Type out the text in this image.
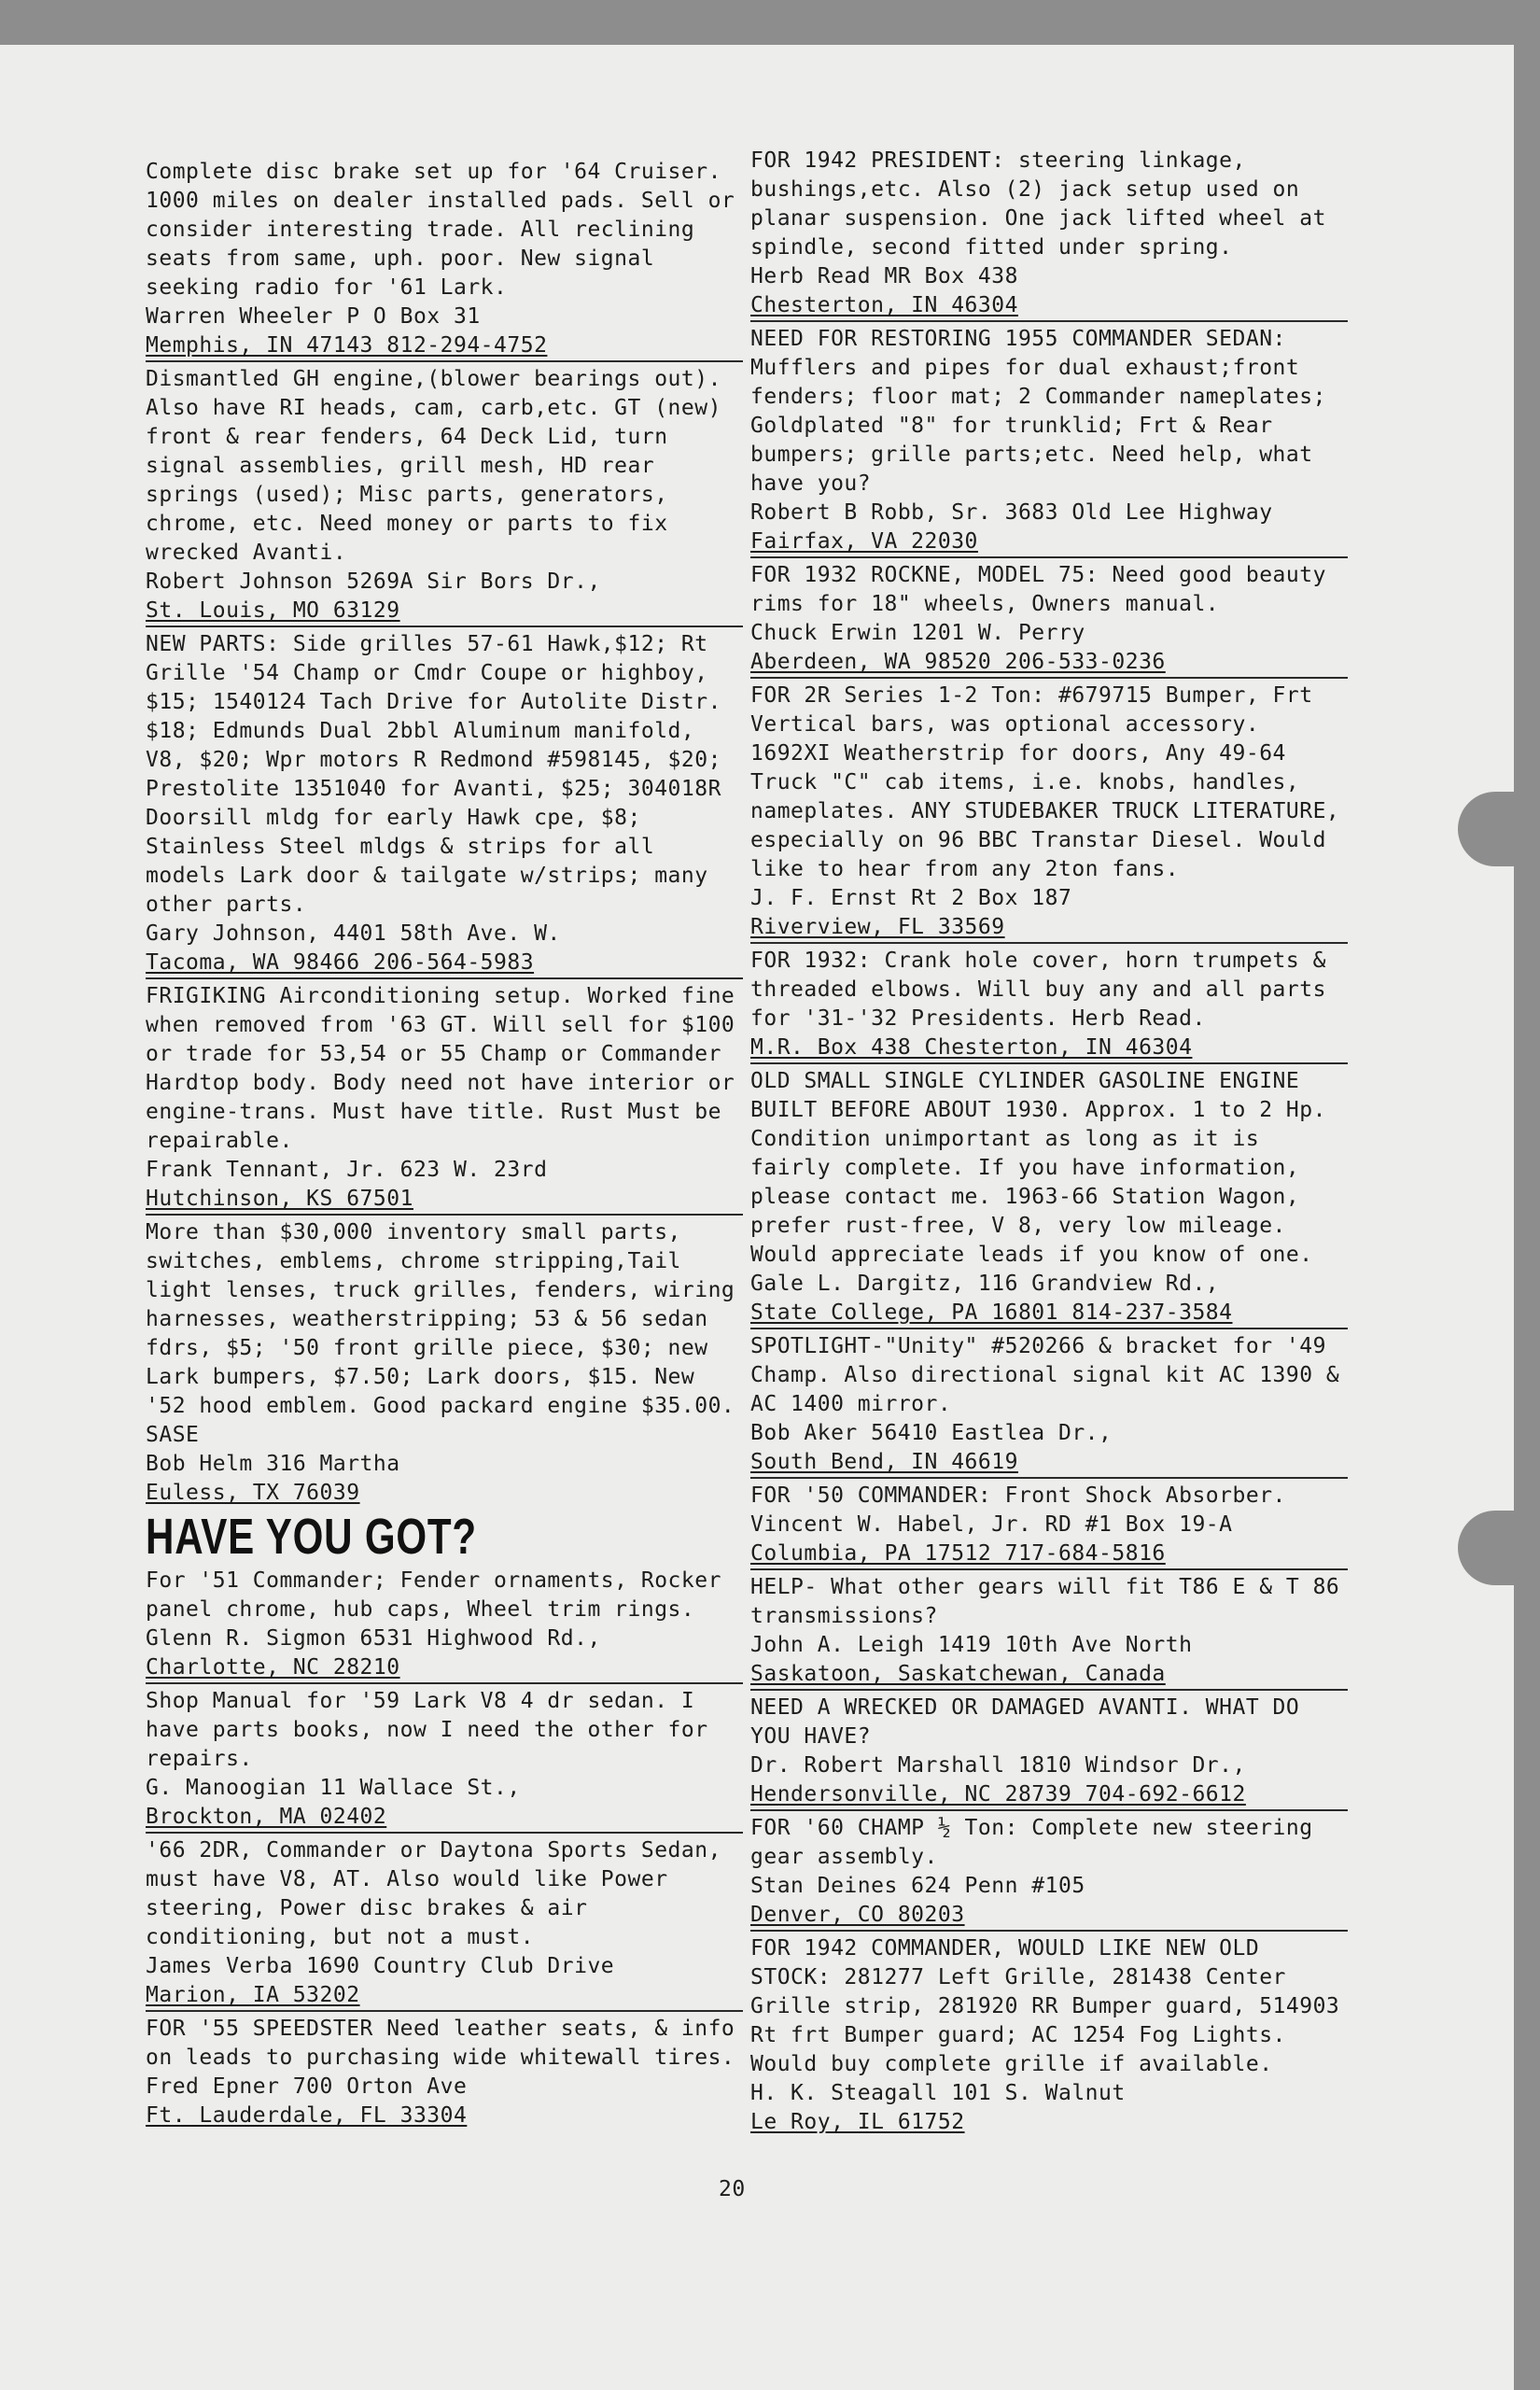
Complete disc brake set up for '64 Cruiser. 1000 miles on dealer installed pads. Sell or consider interesting trade. All reclining seats from same, uph. poor. New signal seeking radio for '61 Lark.
Warren Wheeler P O Box 31
Memphis, IN 47143 812-294-4752
Dismantled GH engine,(blower bearings out). Also have RI heads, cam, carb,etc. GT (new) front & rear fenders, 64 Deck Lid, turn signal assemblies, grill mesh, HD rear springs (used); Misc parts, generators, chrome, etc. Need money or parts to fix wrecked Avanti.
Robert Johnson 5269A Sir Bors Dr.,
St. Louis, MO 63129
NEW PARTS: Side grilles 57-61 Hawk,$12; Rt Grille '54 Champ or Cmdr Coupe or highboy, $15; 1540124 Tach Drive for Autolite Distr. $18; Edmunds Dual 2bbl Aluminum manifold, V8, $20; Wpr motors R Redmond #598145, $20; Prestolite 1351040 for Avanti, $25; 304018R Doorsill mldg for early Hawk cpe, $8; Stainless Steel mldgs & strips for all models Lark door & tailgate w/strips; many other parts.
Gary Johnson, 4401 58th Ave. W.
Tacoma, WA 98466 206-564-5983
FRIGIKING Airconditioning setup. Worked fine when removed from '63 GT. Will sell for $100 or trade for 53,54 or 55 Champ or Commander Hardtop body. Body need not have interior or engine-trans. Must have title. Rust Must be repairable.
Frank Tennant, Jr. 623 W. 23rd
Hutchinson, KS 67501
More than $30,000 inventory small parts, switches, emblems, chrome stripping,Tail light lenses, truck grilles, fenders, wiring harnesses, weatherstripping; 53 & 56 sedan fdrs, $5; '50 front grille piece, $30; new Lark bumpers, $7.50; Lark doors, $15. New '52 hood emblem. Good packard engine $35.00. SASE
Bob Helm 316 Martha
Euless, TX 76039
HAVE YOU GOT?
For '51 Commander; Fender ornaments, Rocker panel chrome, hub caps, Wheel trim rings.
Glenn R. Sigmon 6531 Highwood Rd.,
Charlotte, NC 28210
Shop Manual for '59 Lark V8 4 dr sedan. I have parts books, now I need the other for repairs.
G. Manoogian 11 Wallace St.,
Brockton, MA 02402
'66 2DR, Commander or Daytona Sports Sedan, must have V8, AT. Also would like Power steering, Power disc brakes & air conditioning, but not a must.
James Verba 1690 Country Club Drive
Marion, IA 53202
FOR '55 SPEEDSTER Need leather seats, & info on leads to purchasing wide whitewall tires.
Fred Epner 700 Orton Ave
Ft. Lauderdale, FL 33304
FOR 1942 PRESIDENT: steering linkage, bushings,etc. Also (2) jack setup used on planar suspension. One jack lifted wheel at spindle, second fitted under spring.
Herb Read MR Box 438
Chesterton, IN 46304
NEED FOR RESTORING 1955 COMMANDER SEDAN: Mufflers and pipes for dual exhaust;front fenders; floor mat; 2 Commander nameplates; Goldplated "8" for trunklid; Frt & Rear bumpers; grille parts;etc. Need help, what have you?
Robert B Robb, Sr. 3683 Old Lee Highway
Fairfax, VA 22030
FOR 1932 ROCKNE, MODEL 75: Need good beauty rims for 18" wheels, Owners manual.
Chuck Erwin 1201 W. Perry
Aberdeen, WA 98520 206-533-0236
FOR 2R Series 1-2 Ton: #679715 Bumper, Frt Vertical bars, was optional accessory. 1692XI Weatherstrip for doors, Any 49-64 Truck "C" cab items, i.e. knobs, handles, nameplates. ANY STUDEBAKER TRUCK LITERATURE, especially on 96 BBC Transtar Diesel. Would like to hear from any 2ton fans.
J. F. Ernst Rt 2 Box 187
Riverview, FL 33569
FOR 1932: Crank hole cover, horn trumpets & threaded elbows. Will buy any and all parts for '31-'32 Presidents. Herb Read.
M.R. Box 438 Chesterton, IN 46304
OLD SMALL SINGLE CYLINDER GASOLINE ENGINE BUILT BEFORE ABOUT 1930. Approx. 1 to 2 Hp. Condition unimportant as long as it is fairly complete. If you have information, please contact me. 1963-66 Station Wagon, prefer rust-free, V 8, very low mileage. Would appreciate leads if you know of one.
Gale L. Dargitz, 116 Grandview Rd.,
State College, PA 16801 814-237-3584
SPOTLIGHT-"Unity" #520266 & bracket for '49 Champ. Also directional signal kit AC 1390 & AC 1400 mirror.
Bob Aker 56410 Eastlea Dr.,
South Bend, IN 46619
FOR '50 COMMANDER: Front Shock Absorber.
Vincent W. Habel, Jr. RD #1 Box 19-A
Columbia, PA 17512 717-684-5816
HELP- What other gears will fit T86 E & T 86 transmissions?
John A. Leigh 1419 10th Ave North
Saskatoon, Saskatchewan, Canada
NEED A WRECKED OR DAMAGED AVANTI. WHAT DO YOU HAVE?
Dr. Robert Marshall 1810 Windsor Dr.,
Hendersonville, NC 28739 704-692-6612
FOR '60 CHAMP ½ Ton: Complete new steering gear assembly.
Stan Deines 624 Penn #105
Denver, CO 80203
FOR 1942 COMMANDER, WOULD LIKE NEW OLD STOCK: 281277 Left Grille, 281438 Center Grille strip, 281920 RR Bumper guard, 514903 Rt frt Bumper guard; AC 1254 Fog Lights. Would buy complete grille if available.
H. K. Steagall 101 S. Walnut
Le Roy, IL 61752
20
